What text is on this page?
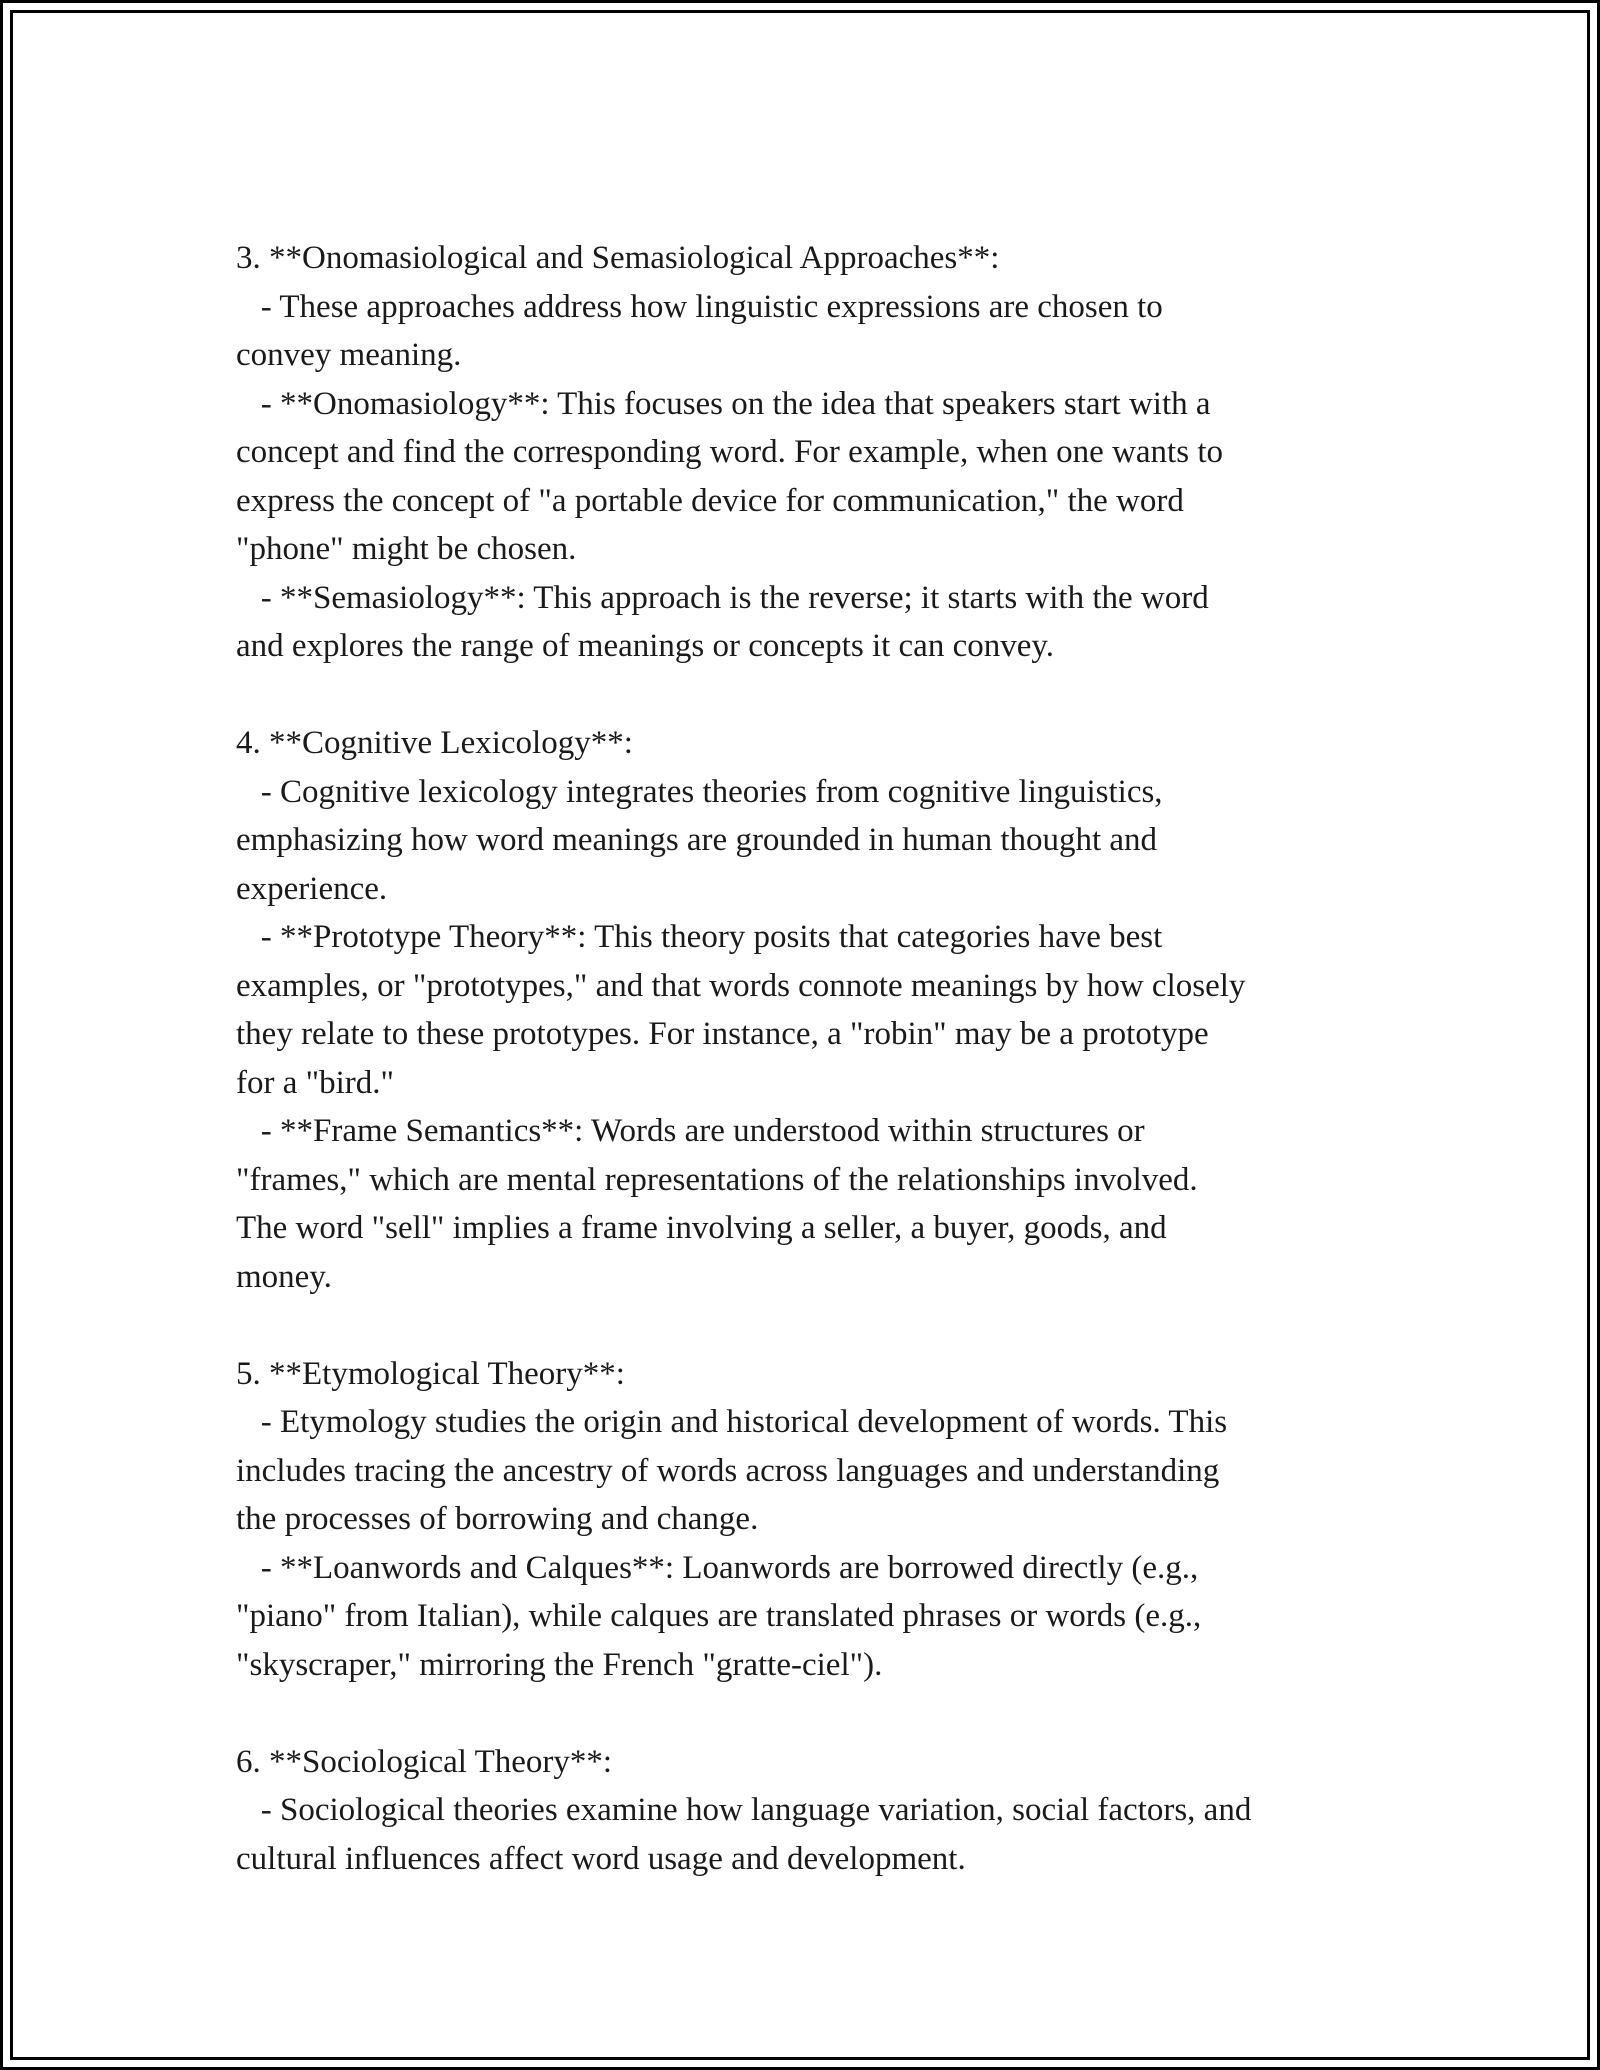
3. **Onomasiological and Semasiological Approaches**:
- These approaches address how linguistic expressions are chosen to
convey meaning.
- **Onomasiology**: This focuses on the idea that speakers start with a
concept and find the corresponding word. For example, when one wants to
express the concept of "a portable device for communication," the word
"phone" might be chosen.
- **Semasiology**: This approach is the reverse; it starts with the word
and explores the range of meanings or concepts it can convey.
4. **Cognitive Lexicology**:
- Cognitive lexicology integrates theories from cognitive linguistics,
emphasizing how word meanings are grounded in human thought and
experience.
- **Prototype Theory**: This theory posits that categories have best
examples, or "prototypes," and that words connote meanings by how closely
they relate to these prototypes. For instance, a "robin" may be a prototype
for a "bird."
- **Frame Semantics**: Words are understood within structures or
"frames," which are mental representations of the relationships involved.
The word "sell" implies a frame involving a seller, a buyer, goods, and
money.
5. **Etymological Theory**:
- Etymology studies the origin and historical development of words. This
includes tracing the ancestry of words across languages and understanding
the processes of borrowing and change.
- **Loanwords and Calques**: Loanwords are borrowed directly (e.g.,
"piano" from Italian), while calques are translated phrases or words (e.g.,
"skyscraper," mirroring the French "gratte-ciel").
6. **Sociological Theory**:
- Sociological theories examine how language variation, social factors, and
cultural influences affect word usage and development.
